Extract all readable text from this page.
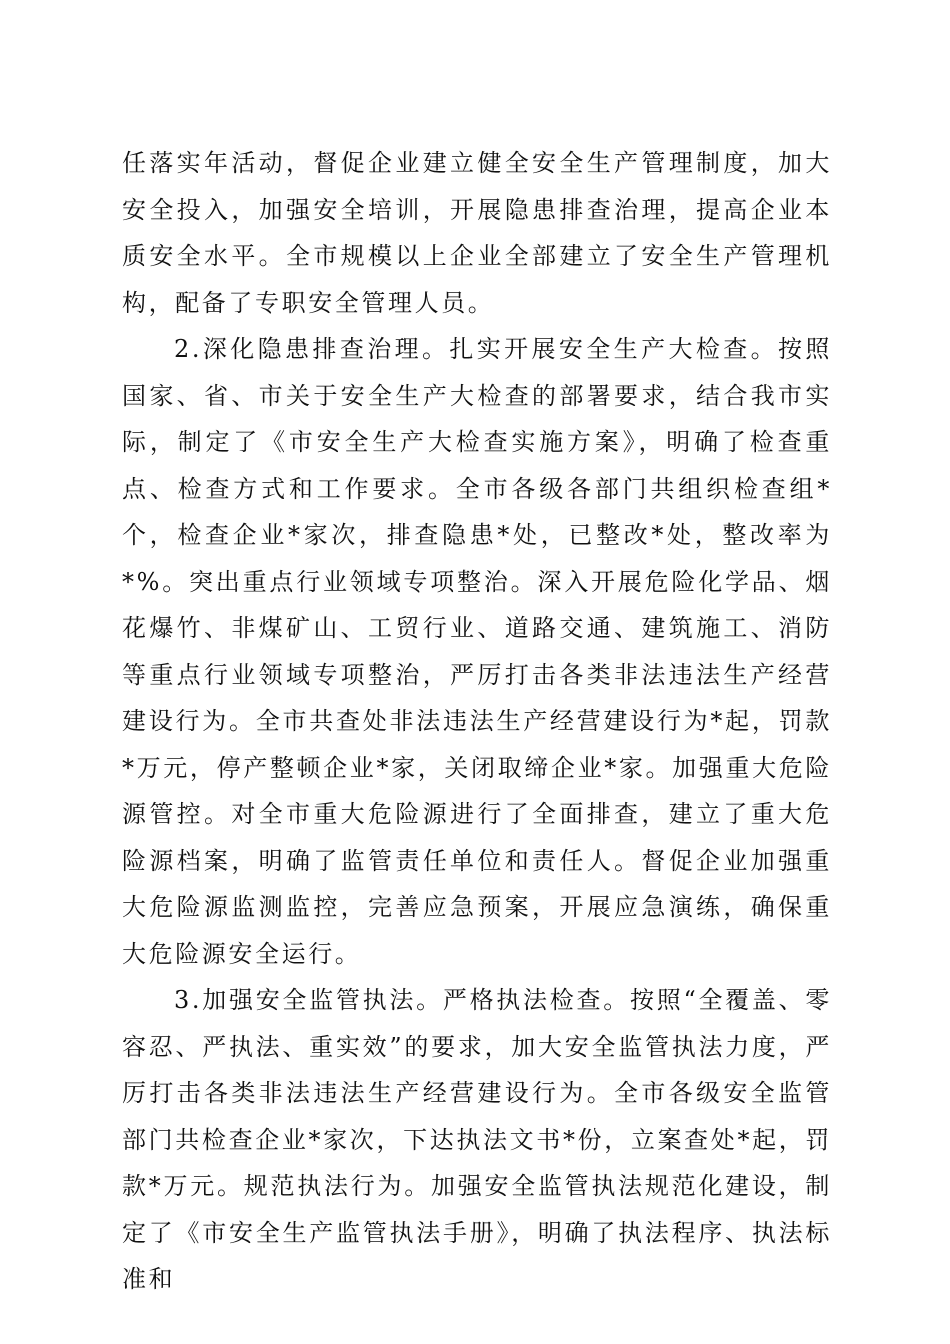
任落实年活动，督促企业建立健全安全生产管理制度，加大安全投入，加强安全培训，开展隐患排查治理，提高企业本质安全水平。全市规模以上企业全部建立了安全生产管理机构，配备了专职安全管理人员。

2.深化隐患排查治理。扎实开展安全生产大检查。按照国家、省、市关于安全生产大检查的部署要求，结合我市实际，制定了《市安全生产大检查实施方案》，明确了检查重点、检查方式和工作要求。全市各级各部门共组织检查组*个，检查企业*家次，排查隐患*处，已整改*处，整改率为*%。突出重点行业领域专项整治。深入开展危险化学品、烟花爆竹、非煤矿山、工贸行业、道路交通、建筑施工、消防等重点行业领域专项整治，严厉打击各类非法违法生产经营建设行为。全市共查处非法违法生产经营建设行为*起，罚款*万元，停产整顿企业*家，关闭取缔企业*家。加强重大危险源管控。对全市重大危险源进行了全面排查，建立了重大危险源档案，明确了监管责任单位和责任人。督促企业加强重大危险源监测监控，完善应急预案，开展应急演练，确保重大危险源安全运行。

3.加强安全监管执法。严格执法检查。按照“全覆盖、零容忍、严执法、重实效”的要求，加大安全监管执法力度，严厉打击各类非法违法生产经营建设行为。全市各级安全监管部门共检查企业*家次，下达执法文书*份，立案查处*起，罚款*万元。规范执法行为。加强安全监管执法规范化建设，制定了《市安全生产监管执法手册》，明确了执法程序、执法标准和
